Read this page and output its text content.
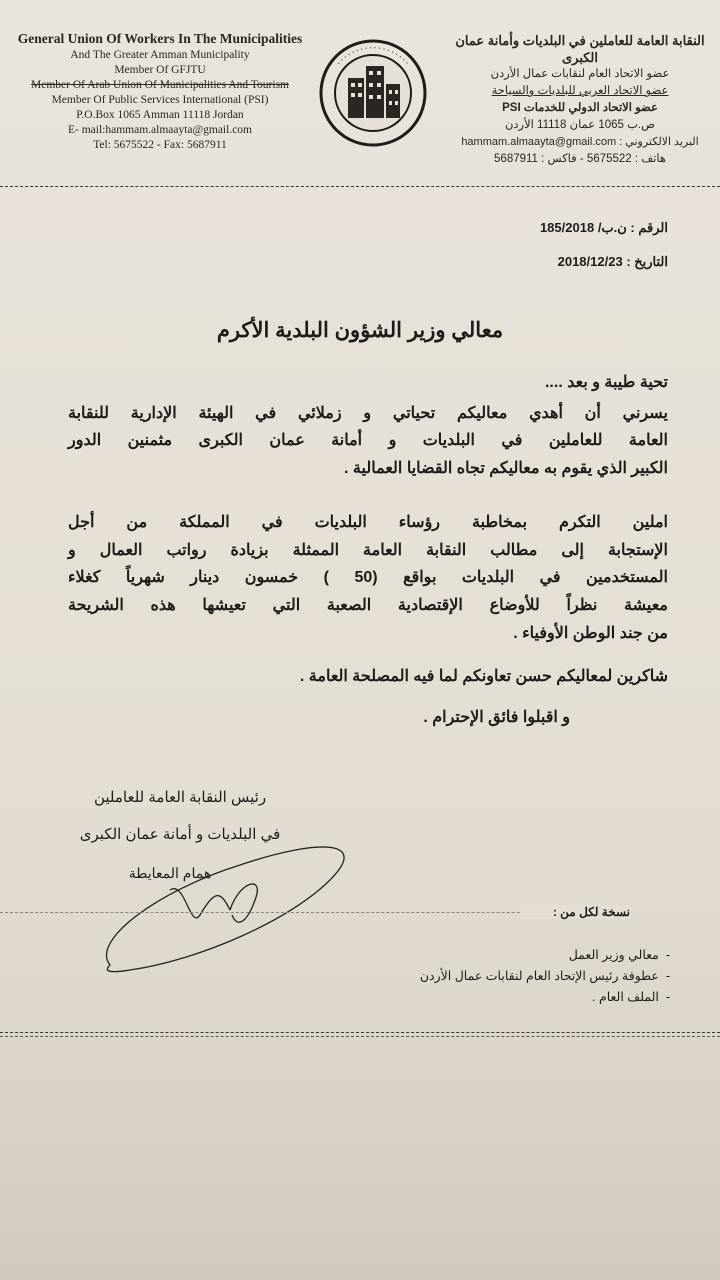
General Union Of Workers In The Municipalities
And The Greater Amman Municipality
Member Of GFJTU
Member Of Arab Union Of Municipalities And Tourism
Member Of Public Services International (PSI)
P.O.Box 1065 Amman 11118 Jordan
E- mail:hammam.almaayta@gmail.com
Tel: 5675522 - Fax: 5687911
· · · · · · · · · · · · · · · · · ·
النقابة العامة للعاملين في البلديات وأمانة عمان الكبرى
عضو الاتحاد العام لنقابات عمال الأردن
عضو الاتحاد العربي للبلديات والسياحة
عضو الاتحاد الدولي للخدمات PSI
ص.ب 1065 عمان 11118 الأردن
البريد الالكتروني : hammam.almaayta@gmail.com
هاتف : 5675522 - فاكس : 5687911
الرقم : ن.ب/ 185/2018
التاريخ : 2018/12/23
معالي وزير الشؤون البلدية الأكرم
تحية طيبة و بعد ....
يسرني أن أهدي معاليكم تحياتي و زملائي في الهيئة الإدارية للنقابة
العامة للعاملين في البلديات و أمانة عمان الكبرى مثمنين الدور
الكبير الذي يقوم به معاليكم تجاه القضايا العمالية .
املين التكرم بمخاطبة رؤساء البلديات في المملكة من أجل
الإستجابة إلى مطالب النقابة العامة الممثلة بزيادة رواتب العمال و
المستخدمين في البلديات بواقع (50 ) خمسون دينار شهرياً كغلاء
معيشة نظراً للأوضاع الإقتصادية الصعبة التي تعيشها هذه الشريحة
من جند الوطن الأوفياء .
شاكرين لمعاليكم حسن تعاونكم لما فيه المصلحة العامة .
و اقبلوا فائق الإحترام .
رئيس النقابة العامة للعاملين
في البلديات و أمانة عمان الكبرى
همام المعايطة
نسخة لكل من :
-  معالي وزير العمل
-  عطوفة رئيس الإتحاد العام لنقابات عمال الأردن
-  الملف العام .
